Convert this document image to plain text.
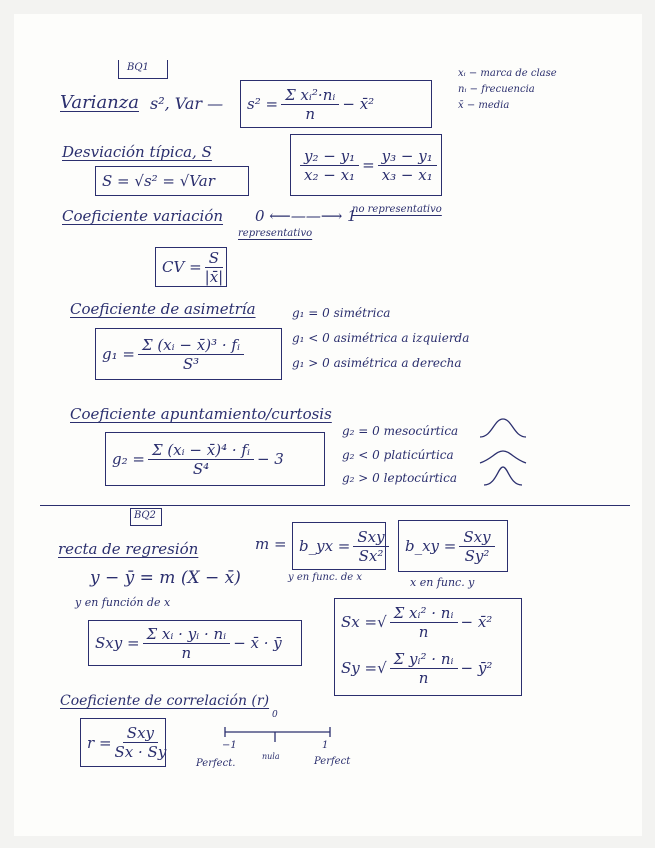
BQ1
Varianza s², Var — $s^2 = \frac{\text{Σ xᵢ²·nᵢ}}{n}$ − x̄²
xᵢ − marca de clase
nᵢ − frecuencia
x̄ − media
Desviación típica, S
S = √s² = √Var	$\frac{\text{y₂ − y₁}}{\text{x₂ − x₁}} = \frac{\text{y₃ − y₁}}{\text{x₃ − x₁}}$
Coeficiente variación 0 ⟵——⟶ 1
no representativo
representativo
CV = $\frac{S}{|x̄|}$
Coeficiente de asimetría
$g_1 = \frac{\text{Σ (xᵢ − x̄)³ · fᵢ}}{\text{S³}}$
g₁ = 0 simétrica
g₁ < 0 asimétrica a izquierda
g₁ > 0 asimétrica a derecha
Coeficiente apuntamiento/curtosis
$g_2 = \frac{\text{Σ (xᵢ − x̄)⁴ · fᵢ}}{\text{S⁴}} - 3$
g₂ = 0 mesocúrtica
g₂ < 0 platicúrtica
g₂ > 0 leptocúrtica
BQ2
recta de regresión
y − ȳ = m (X − x̄)
y en función de x
m = b_yx = $\frac{\text{Sxy}}{\text{Sx²}}$
y en func. de x
b_xy = $\frac{\text{Sxy}}{\text{Sy²}}$
x en func. y
Sxy = $\frac{\text{Σ xᵢ · yᵢ · nᵢ}}{n}$ − x̄ · ȳ
Sx = √ $\frac{\text{Σ xᵢ² · nᵢ}}{n}$ − x̄²
Sy = √ $\frac{\text{Σ yᵢ² · nᵢ}}{n}$ − ȳ²
Coeficiente de correlación (r)
$r = \frac{\text{Sxy}}{Sx \cdot Sy}$
0
−1	1
Perfect.
nula	Perfect
